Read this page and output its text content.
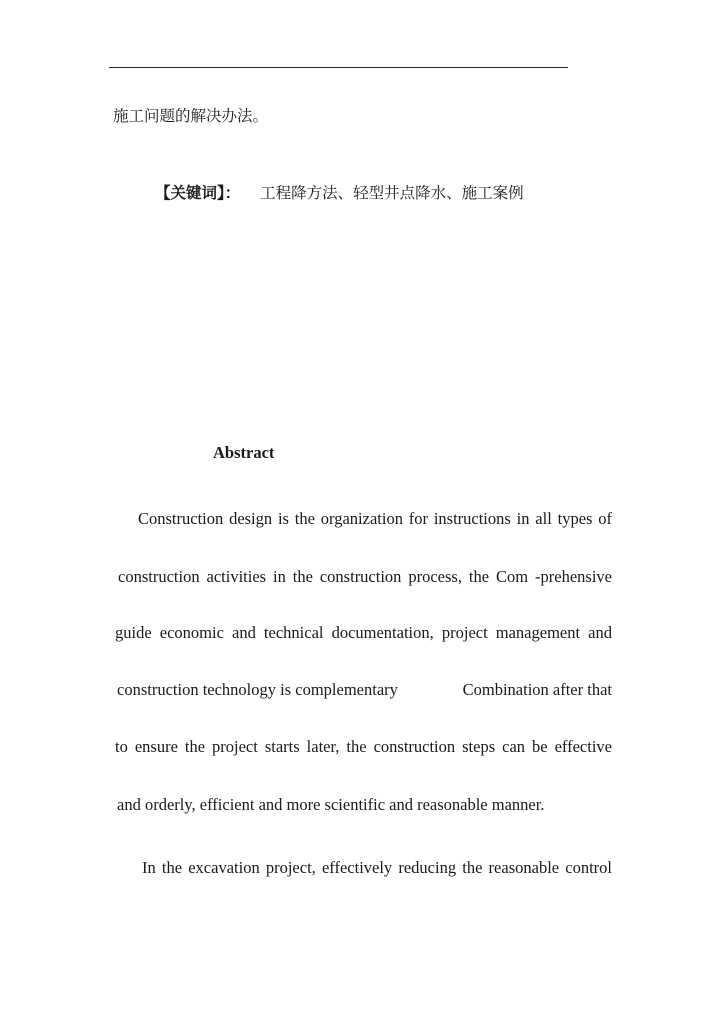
施工问题的解决办法。
【关键词】： 工程降方法、轻型井点降水、施工案例
Abstract
Construction design is the organization for instructions in all types of
construction activities in the construction process, the Com -prehensive
guide economic and technical documentation, project management and
construction technology is complementary	Combination after that
to ensure the project starts later, the construction steps can be effective
and orderly, efficient and more scientific and reasonable manner.
In the excavation project, effectively reducing the reasonable control
